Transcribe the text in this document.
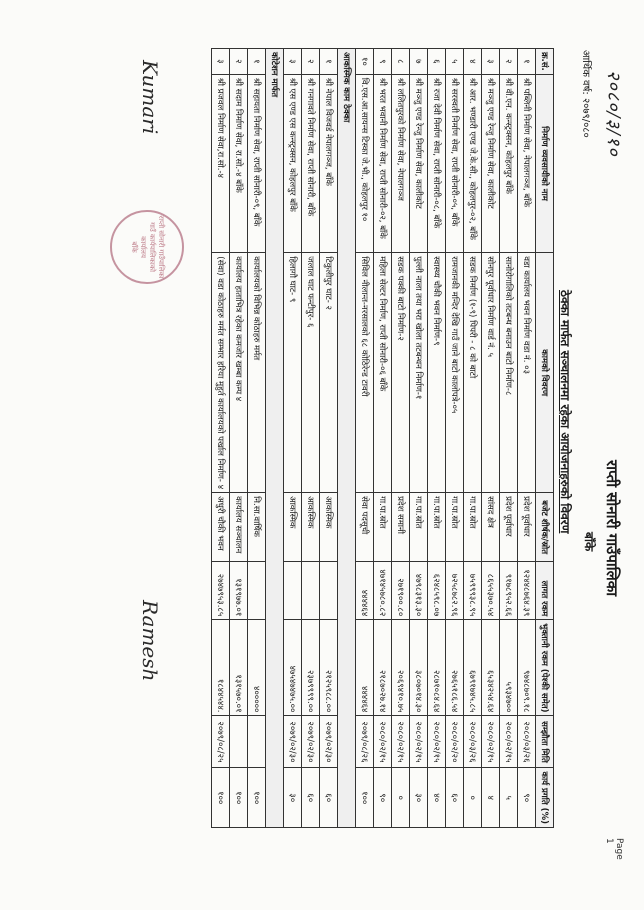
२०८०/३/१०
आर्थिक वर्ष: २०७९/०८०
राप्ती सोनारी गाउँपालिका
बाँके
ठेक्का मार्फत सञ्चालनमा रहेका आयोजनाहरुको विवरण
क्र.सं.	निर्माण व्यवसायीको नाम	कामको विवरण	बजेट शीर्षक/स्रोत	लागत रकम	भुक्तानी रकम (पेश्की समेत)	सम्झौता मिति	कार्य प्रगति (%)
१	श्री पब्लिनी निर्माण सेवा, नेपालगञ्ज, बाँके	वडा कार्यालय भवन निर्माण वडा नं. ०३	प्रदेश पूर्वाधार	१२४४८७६४.३९	९७४८७०९.१८	२०८०/०३/२६	९०
२	श्री वी.एन. कन्स्ट्रक्सन, कोहलपुर बाँके	सानोरोगालिको तटबन्ध बनाउन बाटो निर्माण-८	प्रदेश पूर्वाधार	९१७८९५२.६६	५९३४७००	२०८०/०२/१५	५
३	श्री मञ्जु एण्ड रेन्जु निर्माण सेवा, कालीकोट	सोनपुर पूर्वाधार निर्माण वार्ड नं. ५	सांसद क्षेत्र	८६५५३७०.५४	६५३४२५४.६४	२०८०/०२/१५	४
४	श्री आर. भण्डारी एण्ड जे.के.सी., कोहलपुर-०२, बाँके	सडक निर्माण (१-९) पिपरी - ८ को बाटो	गा.पा.स्रोत	७५९९९३८.९५	६७९१७४५.८५	२०८०/०३/२६	०
५	श्री सरस्वती निर्माण सेवा, राप्ती सोनारी-०५, बाँके	रामजानकी मन्दिर देखि गाउँ जाने बाटो कालोपत्रे-०५	गा.पा.स्रोत	७२५८७८२.९६	२७६५१८६.५४	२०८०/०२/२०	६०
६	श्री रजा देवी निर्माण सेवा, राप्ती सोनारी-०८, बाँके	स्वास्थ्य चौकी भवन निर्माण-९	गा.पा.स्रोत	६२४८५९८.०७	२८७१०८४.६४	२०८०/०२/१५	४०
७	श्री मञ्जु एण्ड रेन्जु निर्माण सेवा, कालीकोट	पुल्ली नाला तथा भरा खोला तटबन्धन निर्माण-१	गा.पा.स्रोत	४७९८३१३.३०	३८०७०१४.३०	२०८०/०२/१५	३०
८	श्री ललितपुरको निर्माण सेवा, नेपालगञ्ज	सडक पक्की बाटो निर्माण-२	प्रदेश समानी	२७१९००.८०	२०६९४१०.७५	२०८०/०२/१५	०
९	श्री भरत भवानी निर्माण सेवा, राप्ती सोनारी-०२, बाँके	महिला सेल्टर निर्माण, राप्ती सोनारी-०६ बाँके	गा.पा.स्रोत	४७१४५७८०.८२	२१८७०२७.१४	२०८०/०२/१५	९०
१०	वि.एस.आ.सायन्स टिस्का जे.भी., कोहलपुर १०	सिविल नीलान्त-नरसालको ६८ कोठिरेन्ड टावरी	सेवा पदसूची	४४४४६४	४४४४६४	२०७९/०८/२६	१००
आकस्मिक काम ठेक्का							
१	श्री नेपाल विजवर्ड नेपालगञ्ज, बाँके	टिकुलीपुर घाट- २	आकस्मिक		२१२५९८८.००	२०७९/०२/३०	६०
२	श्री गनगावते निर्माण सेवा, राप्ती सोनारी, बाँके	जलाल घाट फन्टीपुर- ६	आकस्मिक		२३७९९९९.००	२०७९/०२/३०	६०
३	श्री एस एण्ड एस कन्स्ट्रक्सन, कोहलपुर बाँके	हिलागौ घाट- ९	आकस्मिक		४७५४७४७५.००	२०७९/०२/३०	३०
कोटेशन मार्फत							
१	श्री सहायता निर्माण सेवा, राप्ती सोनारी-०९, बाँके	कार्यालयको विभिन्न कोठाहरु मर्मत	नि.सा.वार्षिक		४०००००		१००
२	श्री सदाम निर्माण सेवा, रा.सो.-४ बाँके	कार्यालय हाताभित्र रहेका कमजोर खम्बा कम्प ४	कार्यालय सञ्चालन	१३१९७७.०१	१३१५७०.०१		१००
३	श्री प्रजवल निर्माण सेवा,रा.सो.-४	(सेवा) वडा कोठाहरु मर्मत सम्भार हरिया मुहुर्त कार्यालयको पर्खाल निर्माण- ४	अधुरी चौकी भवन	२७४७९५३.८५	१८४४५४४.	२०७९/०८/२५	१००
Kumari
राप्ती सोनारी गाउँपालिका
गाउँ कार्यपालिकाको कार्यालय
बाँके
Ramesh
Page 1
